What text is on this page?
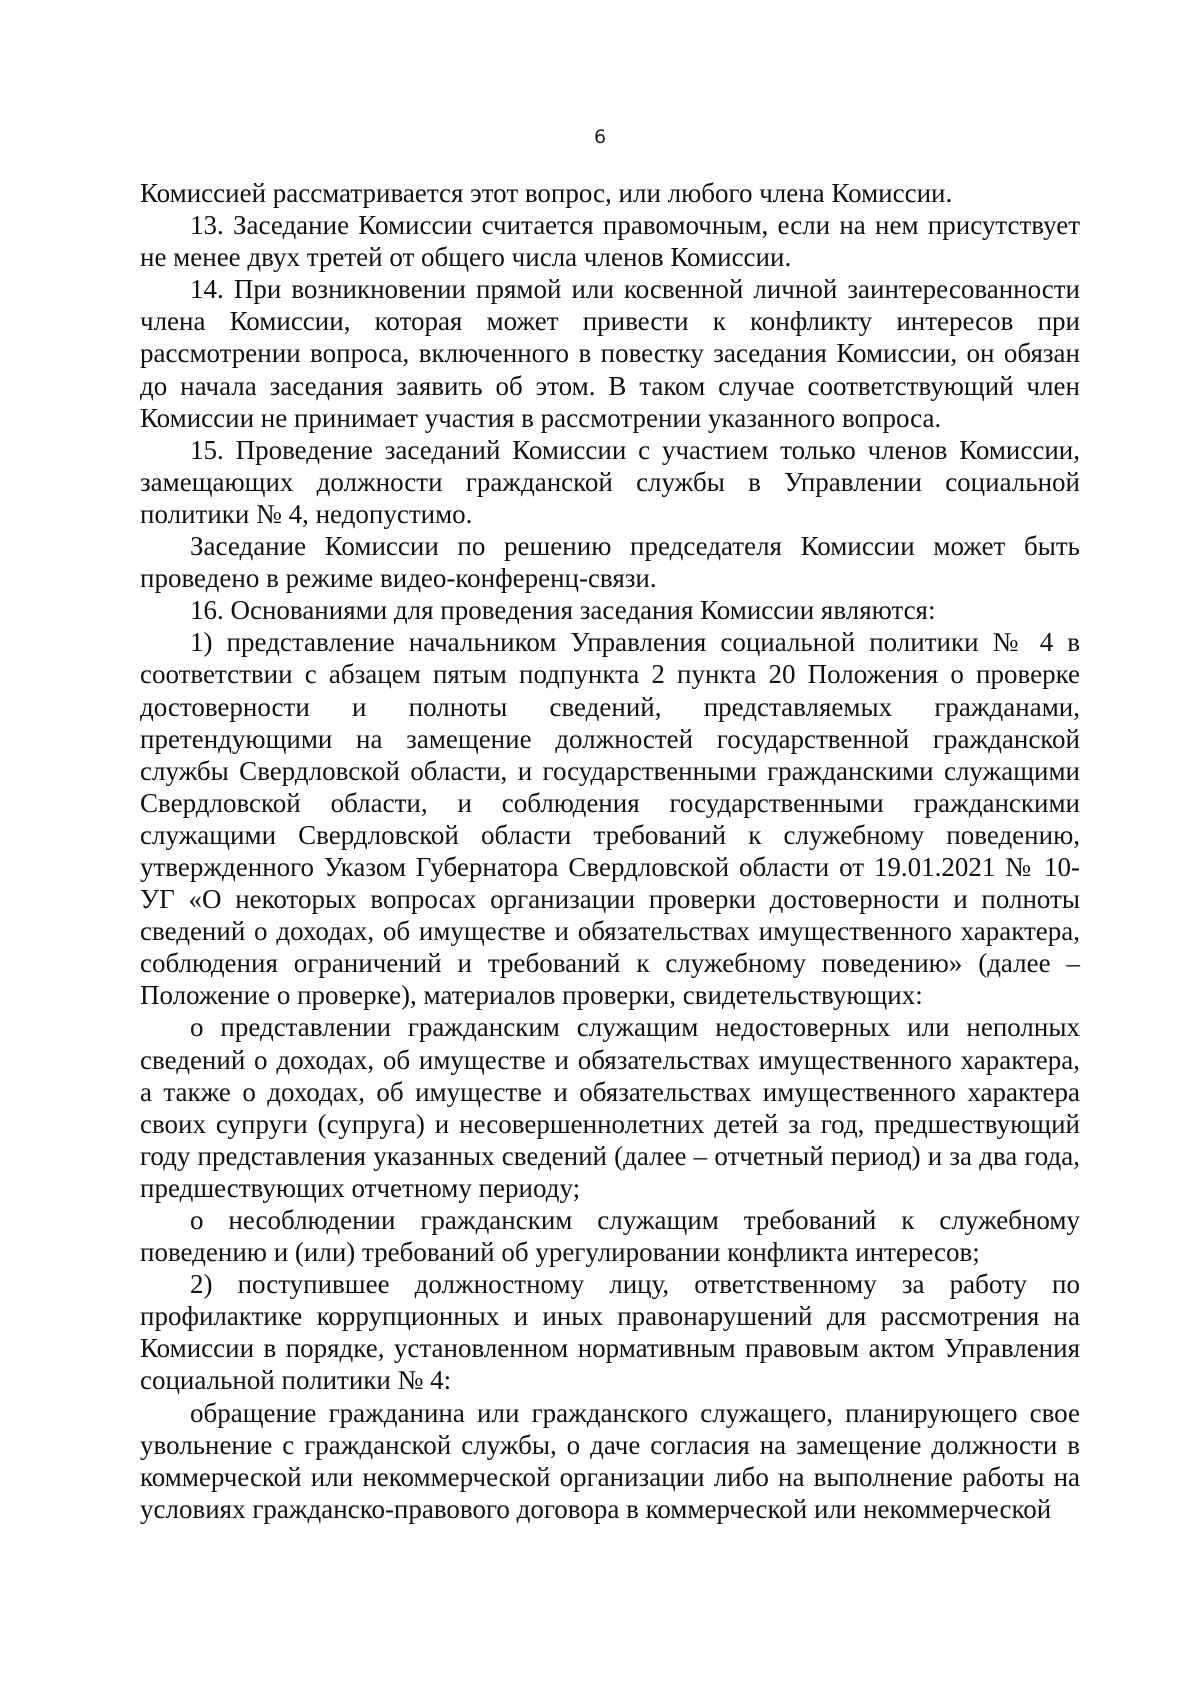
6

Комиссией рассматривается этот вопрос, или любого члена Комиссии.

13. Заседание Комиссии считается правомочным, если на нем присутствует не менее двух третей от общего числа членов Комиссии.

14. При возникновении прямой или косвенной личной заинтересованности члена Комиссии, которая может привести к конфликту интересов при рассмотрении вопроса, включенного в повестку заседания Комиссии, он обязан до начала заседания заявить об этом. В таком случае соответствующий член Комиссии не принимает участия в рассмотрении указанного вопроса.

15. Проведение заседаний Комиссии с участием только членов Комиссии, замещающих должности гражданской службы в Управлении социальной политики № 4, недопустимо.

Заседание Комиссии по решению председателя Комиссии может быть проведено в режиме видео-конференц-связи.

16. Основаниями для проведения заседания Комиссии являются:

1) представление начальником Управления социальной политики № 4 в соответствии с абзацем пятым подпункта 2 пункта 20 Положения о проверке достоверности и полноты сведений, представляемых гражданами, претендующими на замещение должностей государственной гражданской службы Свердловской области, и государственными гражданскими служащими Свердловской области, и соблюдения государственными гражданскими служащими Свердловской области требований к служебному поведению, утвержденного Указом Губернатора Свердловской области от 19.01.2021 № 10-УГ «О некоторых вопросах организации проверки достоверности и полноты сведений о доходах, об имуществе и обязательствах имущественного характера, соблюдения ограничений и требований к служебному поведению» (далее – Положение о проверке), материалов проверки, свидетельствующих:

о представлении гражданским служащим недостоверных или неполных сведений о доходах, об имуществе и обязательствах имущественного характера, а также о доходах, об имуществе и обязательствах имущественного характера своих супруги (супруга) и несовершеннолетних детей за год, предшествующий году представления указанных сведений (далее – отчетный период) и за два года, предшествующих отчетному периоду;

о несоблюдении гражданским служащим требований к служебному поведению и (или) требований об урегулировании конфликта интересов;

2) поступившее должностному лицу, ответственному за работу по профилактике коррупционных и иных правонарушений для рассмотрения на Комиссии в порядке, установленном нормативным правовым актом Управления социальной политики № 4:

обращение гражданина или гражданского служащего, планирующего свое увольнение с гражданской службы, о даче согласия на замещение должности в коммерческой или некоммерческой организации либо на выполнение работы на условиях гражданско-правового договора в коммерческой или некоммерческой
